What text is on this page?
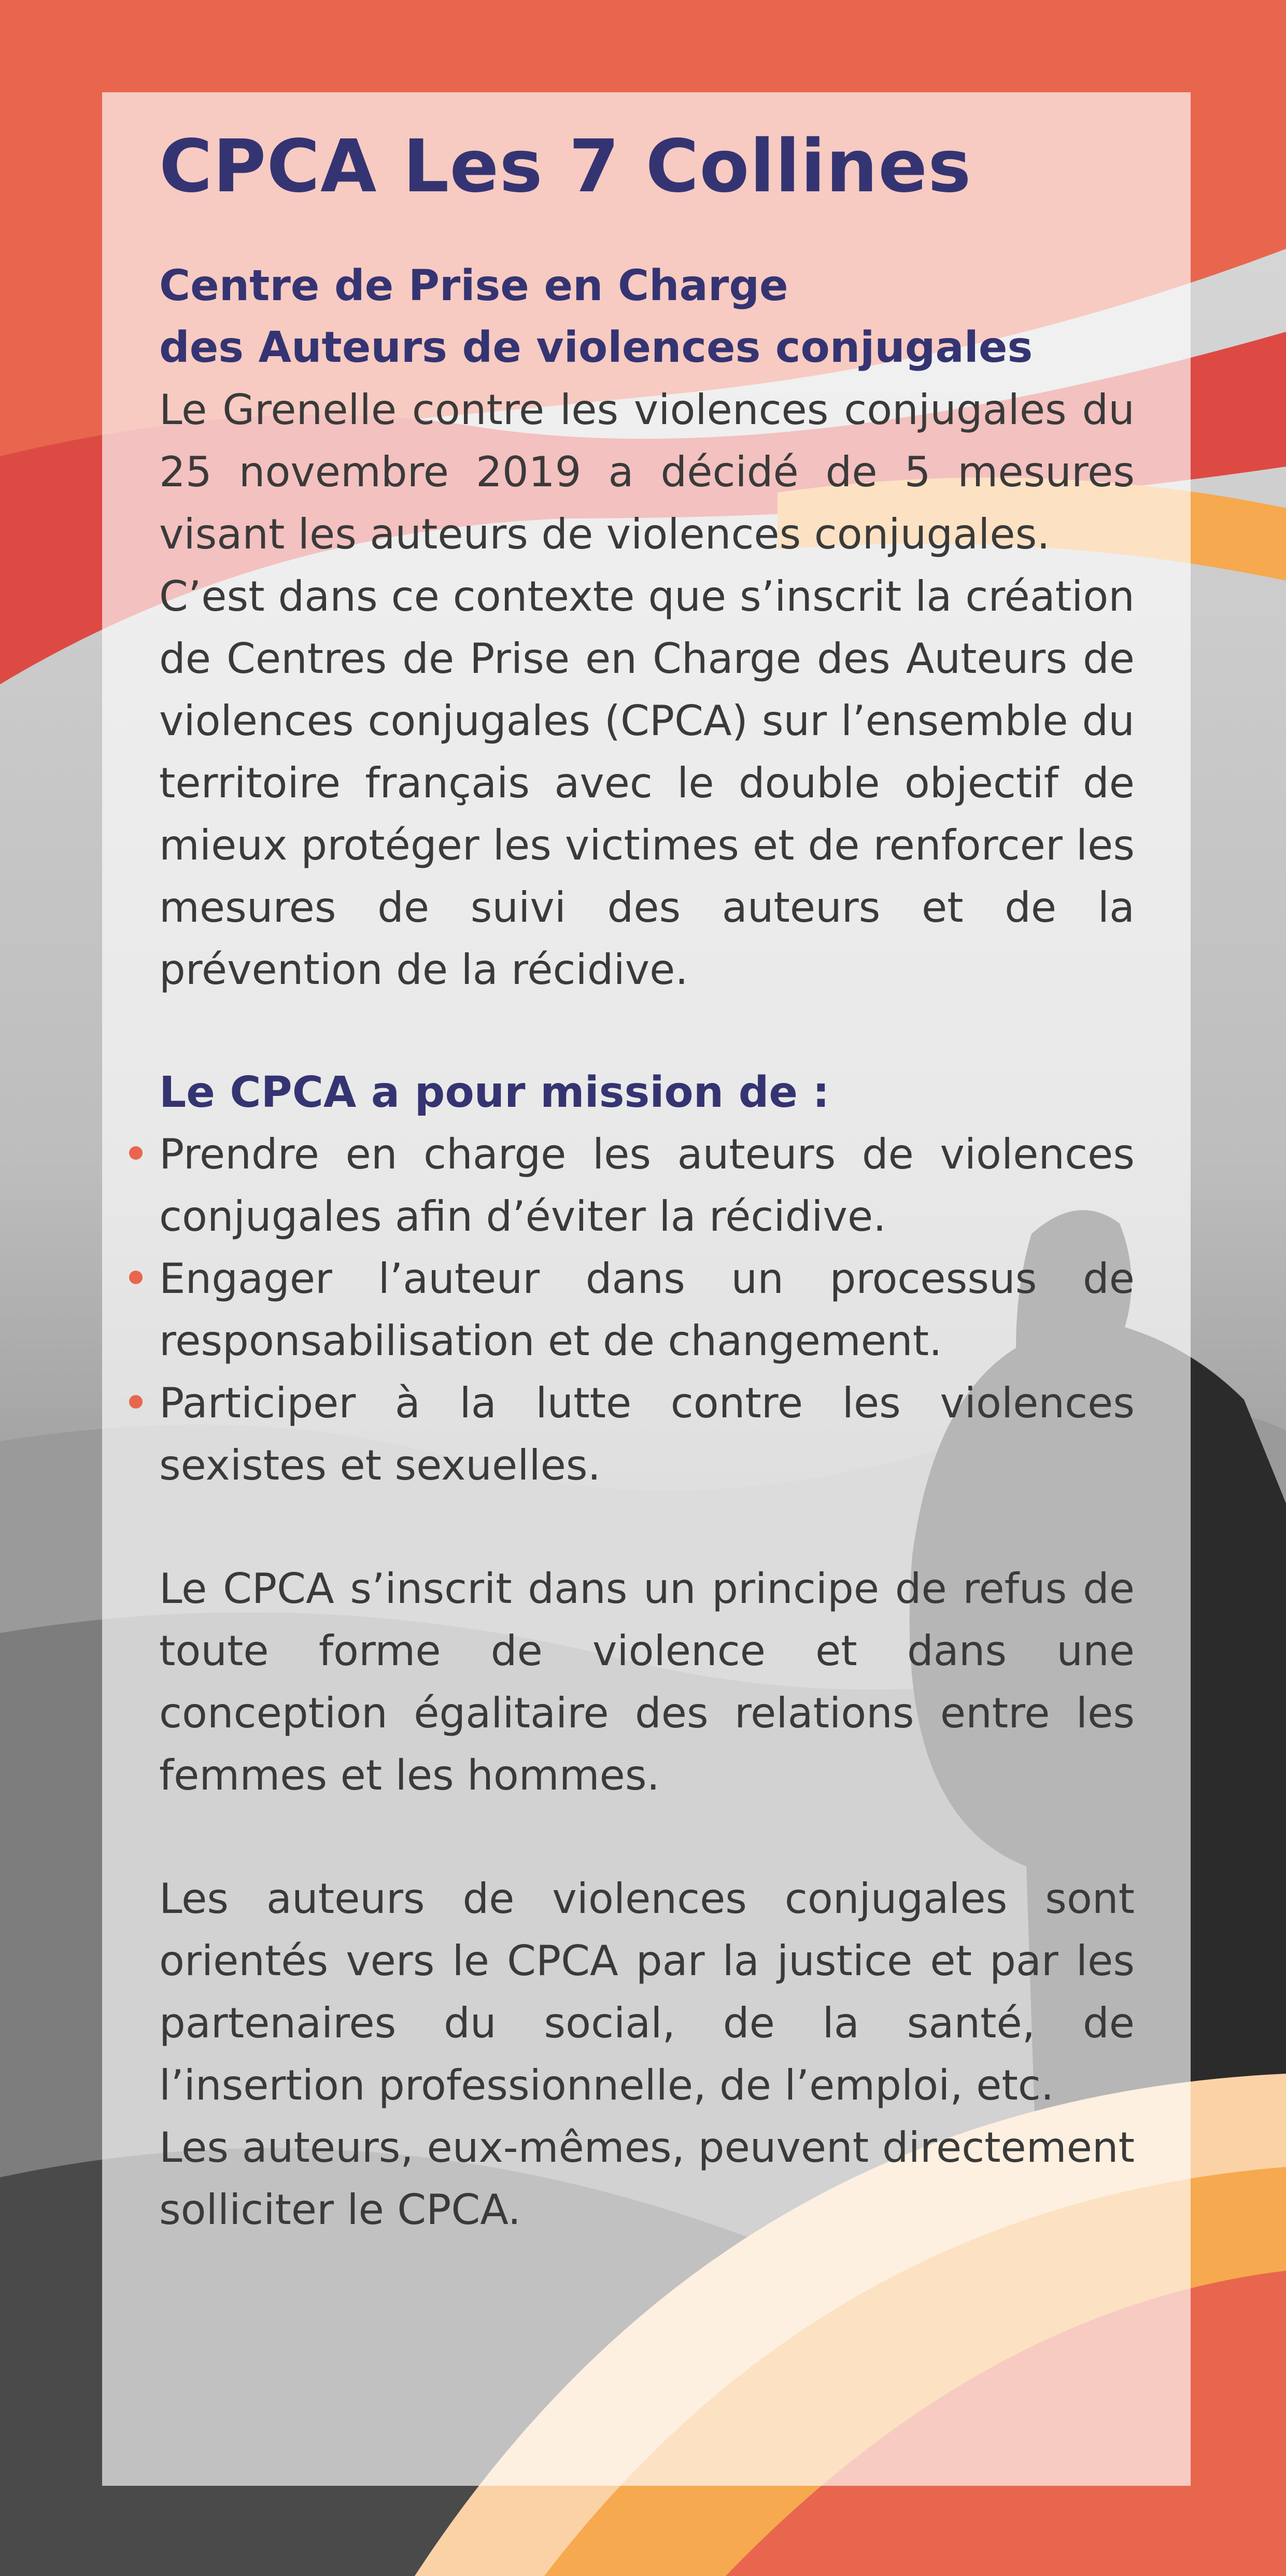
CPCA Les 7 Collines
Centre de Prise en Charge
des Auteurs de violences conjugales

Le Grenelle contre les violences conjugales du 25 novembre 2019 a décidé de 5 mesures visant les auteurs de violences conjugales.

C’est dans ce contexte que s’inscrit la création de Centres de Prise en Charge des Auteurs de violences conjugales (CPCA) sur l’ensemble du territoire français avec le double objectif de mieux protéger les victimes et de renforcer les mesures de suivi des auteurs et de la prévention de la récidive.

Le CPCA a pour mission de :
Prendre en charge les auteurs de violences conjugales afin d’éviter la récidive.
Engager l’auteur dans un processus de responsabilisation et de changement.
Participer à la lutte contre les violences sexistes et sexuelles.

Le CPCA s’inscrit dans un principe de refus de toute forme de violence et dans une conception égalitaire des relations entre les femmes et les hommes.

Les auteurs de violences conjugales sont orientés vers le CPCA par la justice et par les partenaires du social, de la santé, de l’insertion professionnelle, de l’emploi, etc.

Les auteurs, eux-mêmes, peuvent directement solliciter le CPCA.
